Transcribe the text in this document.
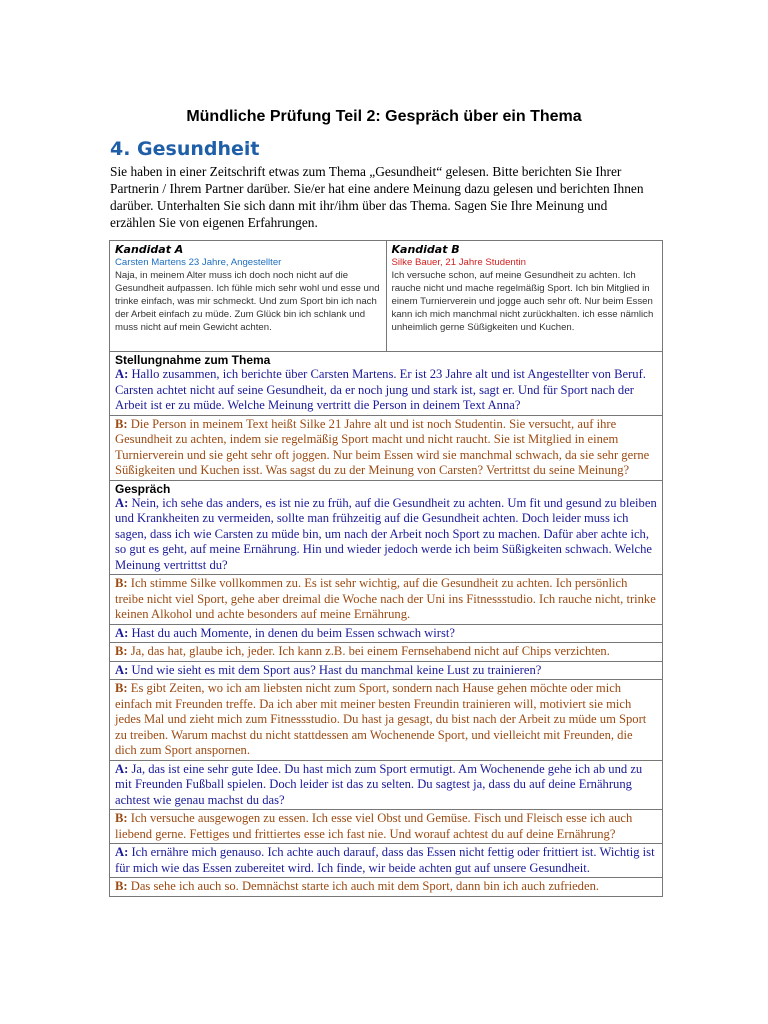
Mündliche Prüfung Teil 2: Gespräch über ein Thema
4. Gesundheit
Sie haben in einer Zeitschrift etwas zum Thema „Gesundheit“ gelesen. Bitte berichten Sie Ihrer Partnerin / Ihrem Partner darüber. Sie/er hat eine andere Meinung dazu gelesen und berichten Ihnen darüber. Unterhalten Sie sich dann mit ihr/ihm über das Thema. Sagen Sie Ihre Meinung und erzählen Sie von eigenen Erfahrungen.
Kandidat A
Carsten Martens 23 Jahre, Angestellter
Naja, in meinem Alter muss ich doch noch nicht auf die Gesundheit aufpassen. Ich fühle mich sehr wohl und esse und trinke einfach, was mir schmeckt. Und zum Sport bin ich nach der Arbeit einfach zu müde. Zum Glück bin ich schlank und muss nicht auf mein Gewicht achten.

Kandidat B
Silke Bauer, 21 Jahre Studentin
Ich versuche schon, auf meine Gesundheit zu achten. Ich rauche nicht und mache regelmäßig Sport. Ich bin Mitglied in einem Turnierverein und jogge auch sehr oft. Nur beim Essen kann ich mich manchmal nicht zurückhalten. ich esse nämlich unheimlich gerne Süßigkeiten und Kuchen.

Stellungnahme zum Thema
A: Hallo zusammen, ich berichte über Carsten Martens. Er ist 23 Jahre alt und ist Angestellter von Beruf. Carsten achtet nicht auf seine Gesundheit, da er noch jung und stark ist, sagt er. Und für Sport nach der Arbeit ist er zu müde. Welche Meinung vertritt die Person in deinem Text Anna?
B: Die Person in meinem Text heißt Silke 21 Jahre alt und ist noch Studentin. Sie versucht, auf ihre Gesundheit zu achten, indem sie regelmäßig Sport macht und nicht raucht. Sie ist Mitglied in einem Turnierverein und sie geht sehr oft joggen. Nur beim Essen wird sie manchmal schwach, da sie sehr gerne Süßigkeiten und Kuchen isst. Was sagst du zu der Meinung von Carsten? Vertrittst du seine Meinung?

Gespräch
A: Nein, ich sehe das anders, es ist nie zu früh, auf die Gesundheit zu achten. Um fit und gesund zu bleiben und Krankheiten zu vermeiden, sollte man frühzeitig auf die Gesundheit achten. Doch leider muss ich sagen, dass ich wie Carsten zu müde bin, um nach der Arbeit noch Sport zu machen. Dafür aber achte ich, so gut es geht, auf meine Ernährung. Hin und wieder jedoch werde ich beim Süßigkeiten schwach. Welche Meinung vertrittst du?
B: Ich stimme Silke vollkommen zu. Es ist sehr wichtig, auf die Gesundheit zu achten. Ich persönlich treibe nicht viel Sport, gehe aber dreimal die Woche nach der Uni ins Fitnessstudio. Ich rauche nicht, trinke keinen Alkohol und achte besonders auf meine Ernährung.
A: Hast du auch Momente, in denen du beim Essen schwach wirst?
B: Ja, das hat, glaube ich, jeder. Ich kann z.B. bei einem Fernsehabend nicht auf Chips verzichten.
A: Und wie sieht es mit dem Sport aus? Hast du manchmal keine Lust zu trainieren?
B: Es gibt Zeiten, wo ich am liebsten nicht zum Sport, sondern nach Hause gehen möchte oder mich einfach mit Freunden treffe. Da ich aber mit meiner besten Freundin trainieren will, motiviert sie mich jedes Mal und zieht mich zum Fitnessstudio. Du hast ja gesagt, du bist nach der Arbeit zu müde um Sport zu treiben. Warum machst du nicht stattdessen am Wochenende Sport, und vielleicht mit Freunden, die dich zum Sport anspornen.
A: Ja, das ist eine sehr gute Idee. Du hast mich zum Sport ermutigt. Am Wochenende gehe ich ab und zu mit Freunden Fußball spielen. Doch leider ist das zu selten. Du sagtest ja, dass du auf deine Ernährung achtest wie genau machst du das?
B: Ich versuche ausgewogen zu essen. Ich esse viel Obst und Gemüse. Fisch und Fleisch esse ich auch liebend gerne. Fettiges und frittiertes esse ich fast nie. Und worauf achtest du auf deine Ernährung?
A: Ich ernähre mich genauso. Ich achte auch darauf, dass das Essen nicht fettig oder frittiert ist. Wichtig ist für mich wie das Essen zubereitet wird. Ich finde, wir beide achten gut auf unsere Gesundheit.
B: Das sehe ich auch so. Demnächst starte ich auch mit dem Sport, dann bin ich auch zufrieden.
